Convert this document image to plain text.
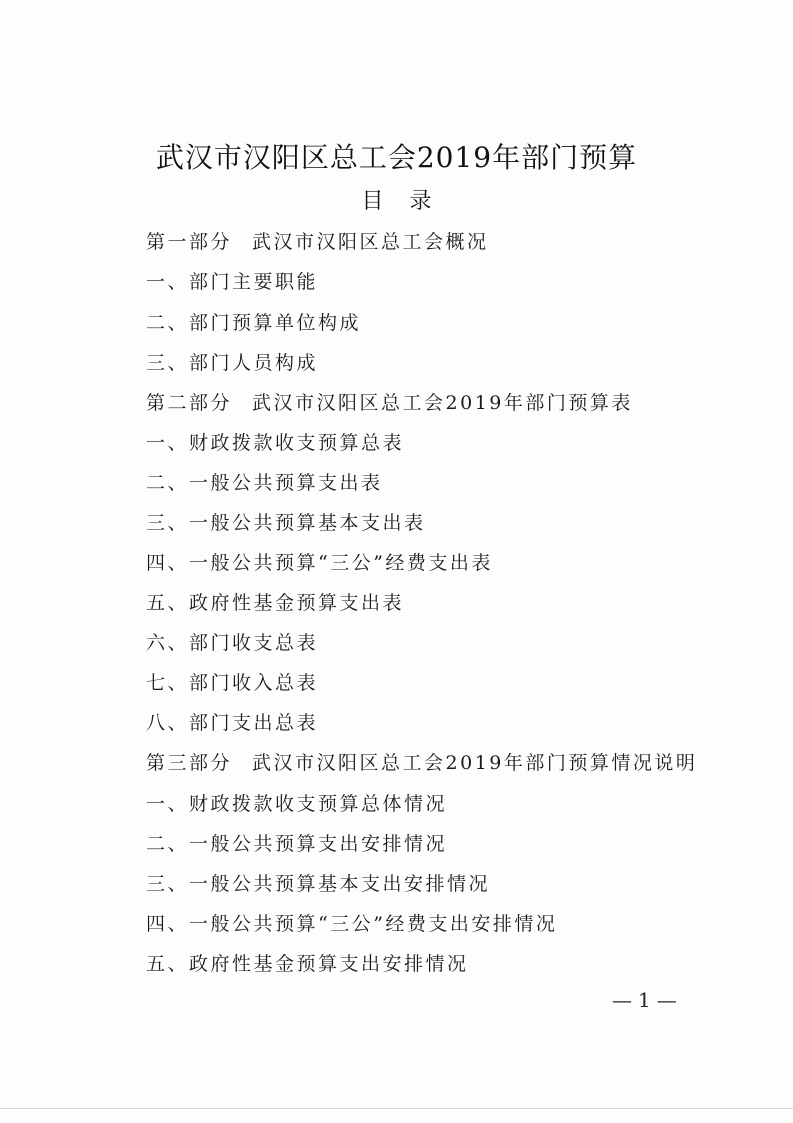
武汉市汉阳区总工会2019年部门预算
目录
第一部分 武汉市汉阳区总工会概况
一、部门主要职能
二、部门预算单位构成
三、部门人员构成
第二部分 武汉市汉阳区总工会2019年部门预算表
一、财政拨款收支预算总表
二、一般公共预算支出表
三、一般公共预算基本支出表
四、一般公共预算“三公”经费支出表
五、政府性基金预算支出表
六、部门收支总表
七、部门收入总表
八、部门支出总表
第三部分 武汉市汉阳区总工会2019年部门预算情况说明
一、财政拨款收支预算总体情况
二、一般公共预算支出安排情况
三、一般公共预算基本支出安排情况
四、一般公共预算“三公”经费支出安排情况
五、政府性基金预算支出安排情况
—1—
